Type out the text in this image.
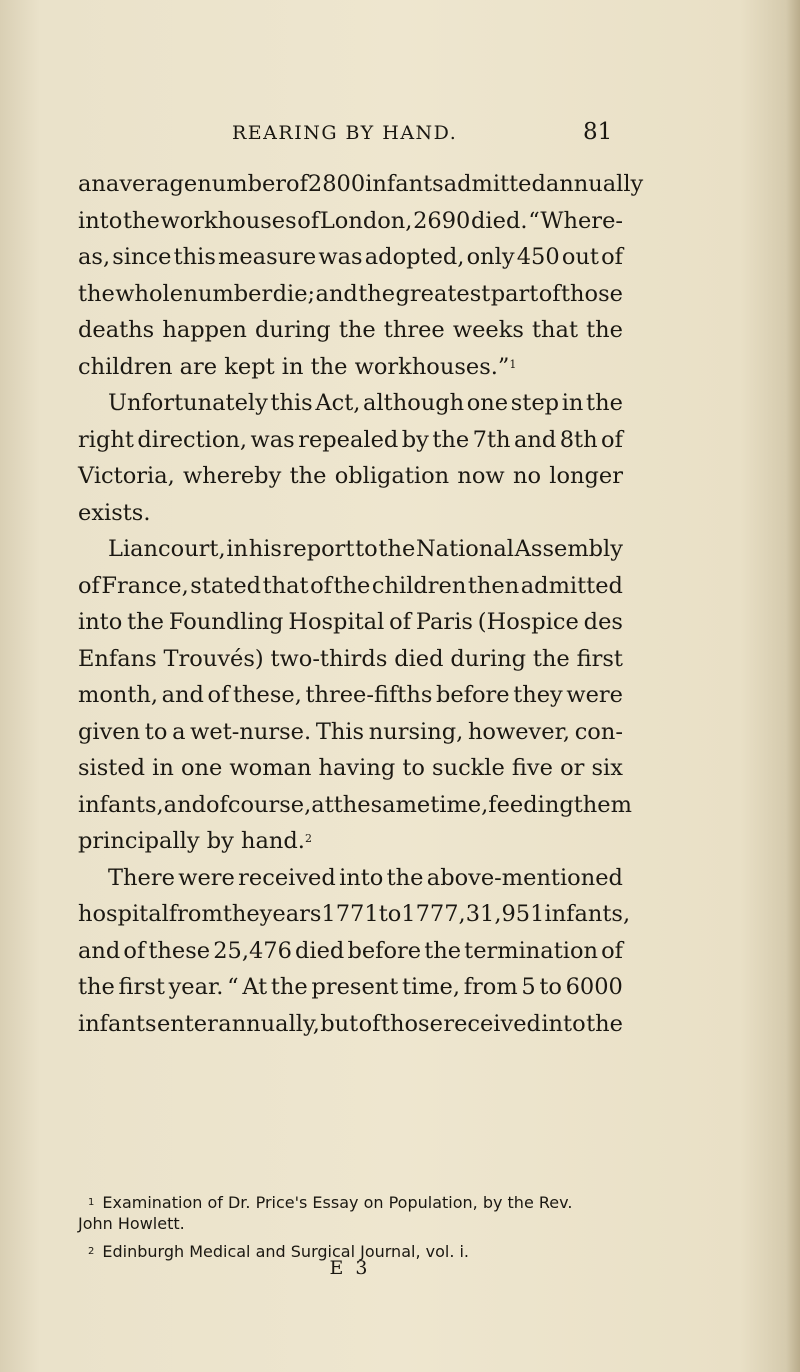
REARING BY HAND.	81
an average number of 2800 infants admitted annually
into the workhouses of London, 2690 died. “ Where-
as, since this measure was adopted, only 450 out of
the whole number die; and the greatest part of those
deaths happen during the three weeks that the
children are kept in the workhouses.”$^1$
Unfortunately this Act, although one step in the
right direction, was repealed by the 7th and 8th of
Victoria, whereby the obligation now no longer
exists.
Liancourt, in his report to the National Assembly
of France, stated that of the children then admitted
into the Foundling Hospital of Paris (Hospice des
Enfans Trouvés) two-thirds died during the first
month, and of these, three-fifths before they were
given to a wet-nurse. This nursing, however, con-
sisted in one woman having to suckle five or six
infants, and of course, at the same time, feeding them
principally by hand.$^2$
There were received into the above-mentioned
hospital from the years 1771 to 1777, 31,951 infants,
and of these 25,476 died before the termination of
the first year. “ At the present time, from 5 to 6000
infants enter annually, but of those received into the
$^1$ Examination of Dr. Price's Essay on Population, by the Rev.
John Howlett.
2 Edinburgh Medical and Surgical Journal, vol. i.
E 3
